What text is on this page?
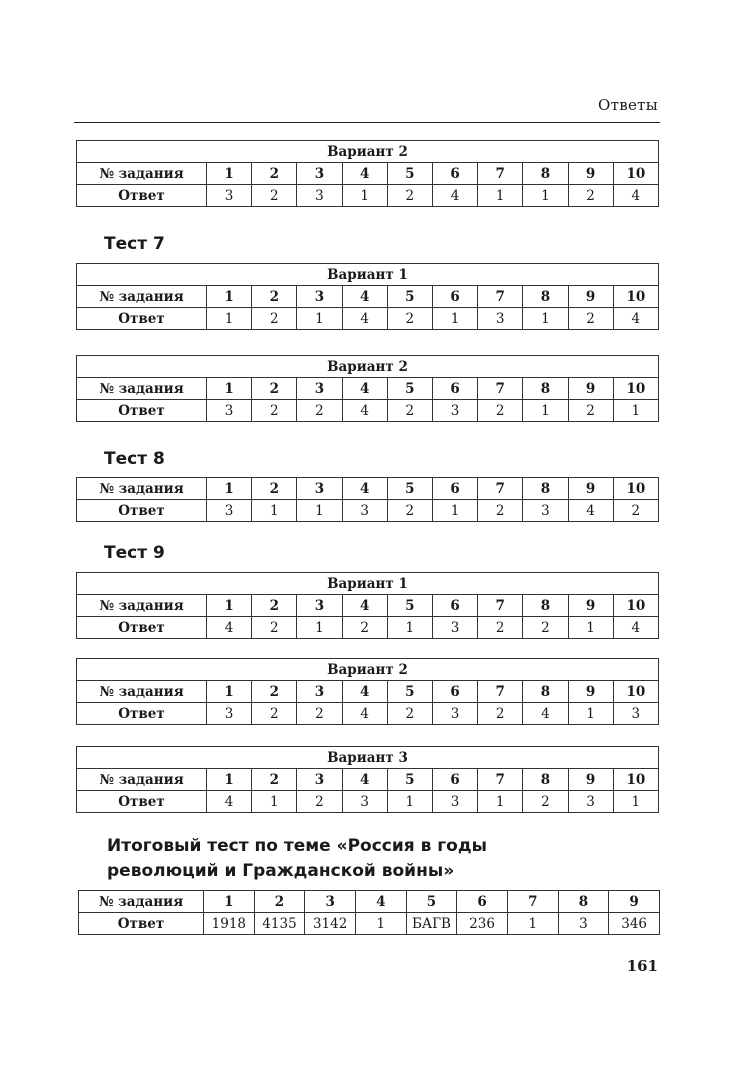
Ответы
Вариант 2										
№ задания	1	2	3	4	5	6	7	8	9	10
Ответ	3	2	3	1	2	4	1	1	2	4
Тест 7
Вариант 1										
№ задания	1	2	3	4	5	6	7	8	9	10
Ответ	1	2	1	4	2	1	3	1	2	4
Вариант 2										
№ задания	1	2	3	4	5	6	7	8	9	10
Ответ	3	2	2	4	2	3	2	1	2	1
Тест 8
№ задания	1	2	3	4	5	6	7	8	9	10
Ответ	3	1	1	3	2	1	2	3	4	2
Тест 9
Вариант 1										
№ задания	1	2	3	4	5	6	7	8	9	10
Ответ	4	2	1	2	1	3	2	2	1	4
Вариант 2										
№ задания	1	2	3	4	5	6	7	8	9	10
Ответ	3	2	2	4	2	3	2	4	1	3
Вариант 3										
№ задания	1	2	3	4	5	6	7	8	9	10
Ответ	4	1	2	3	1	3	1	2	3	1
Итоговый тест по теме «Россия в годы
революций и Гражданской войны»
№ задания	1	2	3	4	5	6	7	8	9
Ответ	1918	4135	3142	1	БАГВ	236	1	3	346
161
